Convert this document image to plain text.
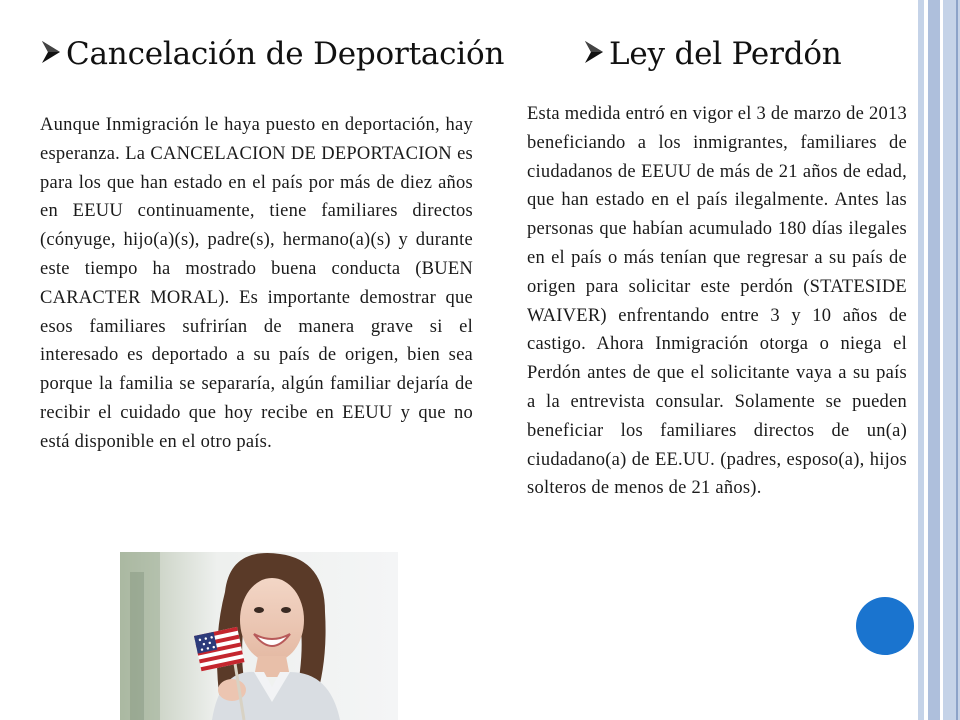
Cancelación de Deportación	Ley del Perdón

Aunque Inmigración le haya puesto en deportación, hay esperanza. La CANCELACION DE DEPORTACION es para los que han estado en el país por más de diez años en EEUU continuamente, tiene familiares directos (cónyuge, hijo(a)(s), padre(s), hermano(a)(s) y durante este tiempo ha mostrado buena conducta (BUEN CARACTER MORAL). Es importante demostrar que esos familiares sufrirían de manera grave si el interesado es deportado a su país de origen, bien sea porque la familia se separaría, algún familiar dejaría de recibir el cuidado que hoy recibe en EEUU y que no está disponible en el otro país.

Esta medida entró en vigor el 3 de marzo de 2013 beneficiando a los inmigrantes, familiares de ciudadanos de EEUU de más de 21 años de edad, que han estado en el país ilegalmente. Antes las personas que habían acumulado 180 días ilegales en el país o más tenían que regresar a su país de origen para solicitar este perdón (STATESIDE WAIVER) enfrentando entre 3 y 10 años de castigo. Ahora Inmigración otorga o niega el Perdón antes de que el solicitante vaya a su país a la entrevista consular. Solamente se pueden beneficiar los familiares directos de un(a) ciudadano(a) de EE.UU. (padres, esposo(a), hijos solteros de menos de 21 años).
